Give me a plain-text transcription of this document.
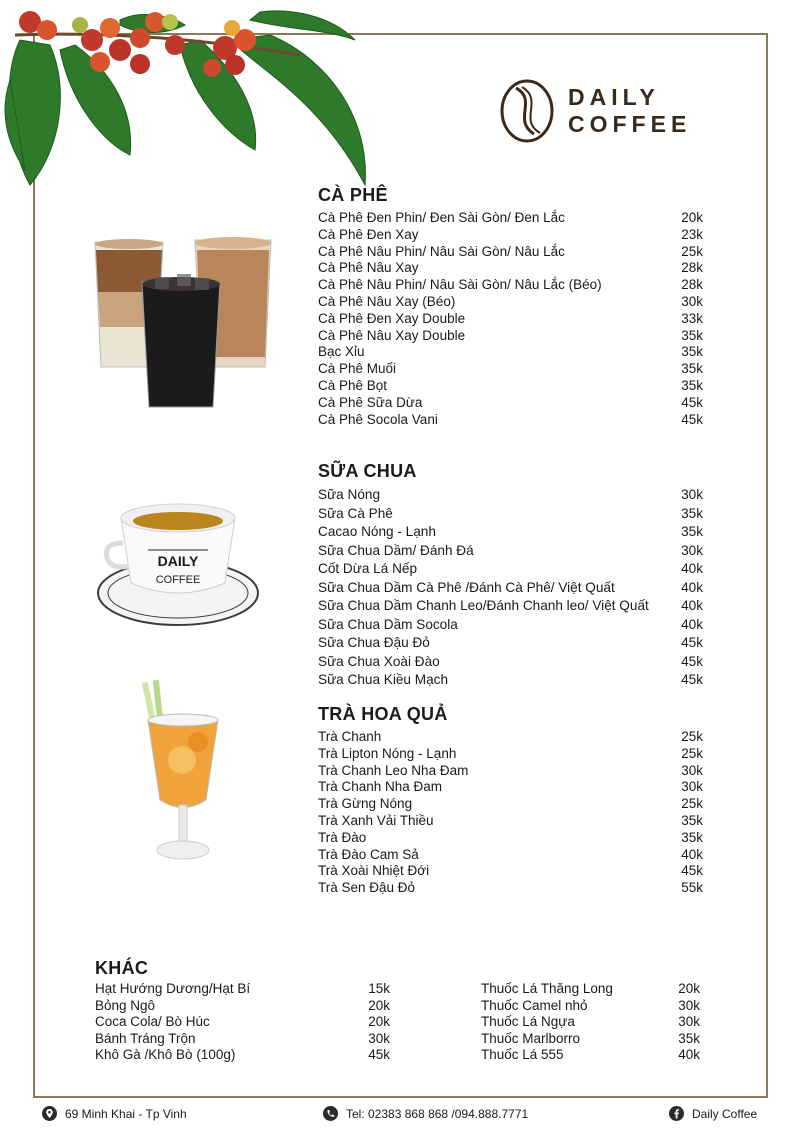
DAILY
COFFEE
DAILY
COFFEE
CÀ PHÊ
Cà Phê Đen Phin/ Đen Sài Gòn/ Đen Lắc	20k
Cà Phê Đen Xay	23k
Cà Phê Nâu Phin/ Nâu Sài Gòn/ Nâu Lắc	25k
Cà Phê Nâu Xay	28k
Cà Phê Nâu Phin/ Nâu Sài Gòn/ Nâu Lắc (Béo)	28k
Cà Phê Nâu Xay (Béo)	30k
Cà Phê Đen Xay Double	33k
Cà Phê Nâu Xay Double	35k
Bạc Xỉu	35k
Cà Phê Muối	35k
Cà Phê Bọt	35k
Cà Phê Sữa Dừa	45k
Cà Phê Socola Vani	45k
SỮA CHUA
Sữa Nóng	30k
Sữa Cà Phê	35k
Cacao Nóng - Lạnh	35k
Sữa Chua Dầm/ Đánh Đá	30k
Cốt Dừa Lá Nếp	40k
Sữa Chua Dầm Cà Phê /Đánh Cà Phê/ Việt Quất	40k
Sữa Chua Dầm Chanh Leo/Đánh Chanh leo/ Việt Quất 40k
Sữa Chua Dầm Socola	40k
Sữa Chua Đậu Đỏ	45k
Sữa Chua Xoài Đào	45k
Sữa Chua Kiều Mạch	45k
TRÀ HOA QUẢ
Trà Chanh	25k
Trà Lipton Nóng - Lạnh	25k
Trà Chanh Leo Nha Đam	30k
Trà Chanh Nha Đam	30k
Trà Gừng Nóng	25k
Trà Xanh Vải Thiều	35k
Trà Đào	35k
Trà Đào Cam Sả	40k
Trà Xoài Nhiệt Đới	45k
Trà Sen Đậu Đỏ	55k
KHÁC
Hạt Hướng Dương/Hạt Bí	15k
Bỏng Ngô	20k
Coca Cola/ Bò Húc	20k
Bánh Tráng Trộn	30k
Khô Gà /Khô Bò (100g)	45k
Thuốc Lá Thăng Long	20k
Thuốc Camel nhỏ	30k
Thuốc Lá Ngựa	30k
Thuốc Marlborro	35k
Thuốc Lá 555	40k
69 Minh Khai - Tp Vinh	Tel: 02383 868 868 /094.888.7771	Daily Coffee
